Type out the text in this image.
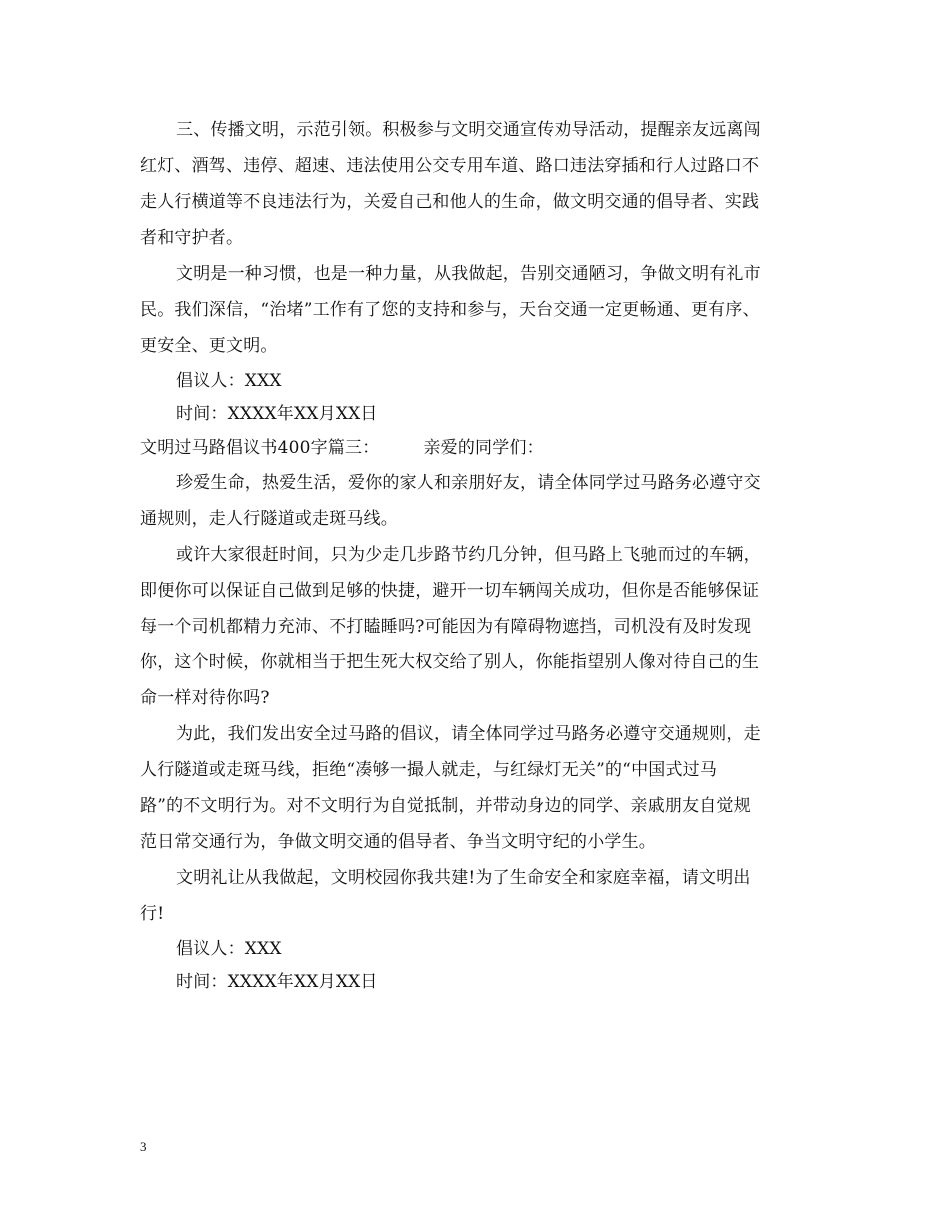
三、传播文明，示范引领。积极参与文明交通宣传劝导活动，提醒亲友远离闯
红灯、酒驾、违停、超速、违法使用公交专用车道、路口违法穿插和行人过路口不
走人行横道等不良违法行为，关爱自己和他人的生命，做文明交通的倡导者、实践
者和守护者。
文明是一种习惯，也是一种力量，从我做起，告别交通陋习，争做文明有礼市
民。我们深信，“治堵”工作有了您的支持和参与，天台交通一定更畅通、更有序、
更安全、更文明。
倡议人：XXX
时间：XXXX年XX月XX日
文明过马路倡议书400字篇三：	亲爱的同学们：
珍爱生命，热爱生活，爱你的家人和亲朋好友，请全体同学过马路务必遵守交
通规则，走人行隧道或走斑马线。
或许大家很赶时间，只为少走几步路节约几分钟，但马路上飞驰而过的车辆，
即便你可以保证自己做到足够的快捷，避开一切车辆闯关成功，但你是否能够保证
每一个司机都精力充沛、不打瞌睡吗?可能因为有障碍物遮挡，司机没有及时发现
你，这个时候，你就相当于把生死大权交给了别人，你能指望别人像对待自己的生
命一样对待你吗?
为此，我们发出安全过马路的倡议，请全体同学过马路务必遵守交通规则，走
人行隧道或走斑马线，拒绝“凑够一撮人就走，与红绿灯无关”的“中国式过马
路”的不文明行为。对不文明行为自觉抵制，并带动身边的同学、亲戚朋友自觉规
范日常交通行为，争做文明交通的倡导者、争当文明守纪的小学生。
文明礼让从我做起，文明校园你我共建!为了生命安全和家庭幸福，请文明出
行!
倡议人：XXX
时间：XXXX年XX月XX日
3
